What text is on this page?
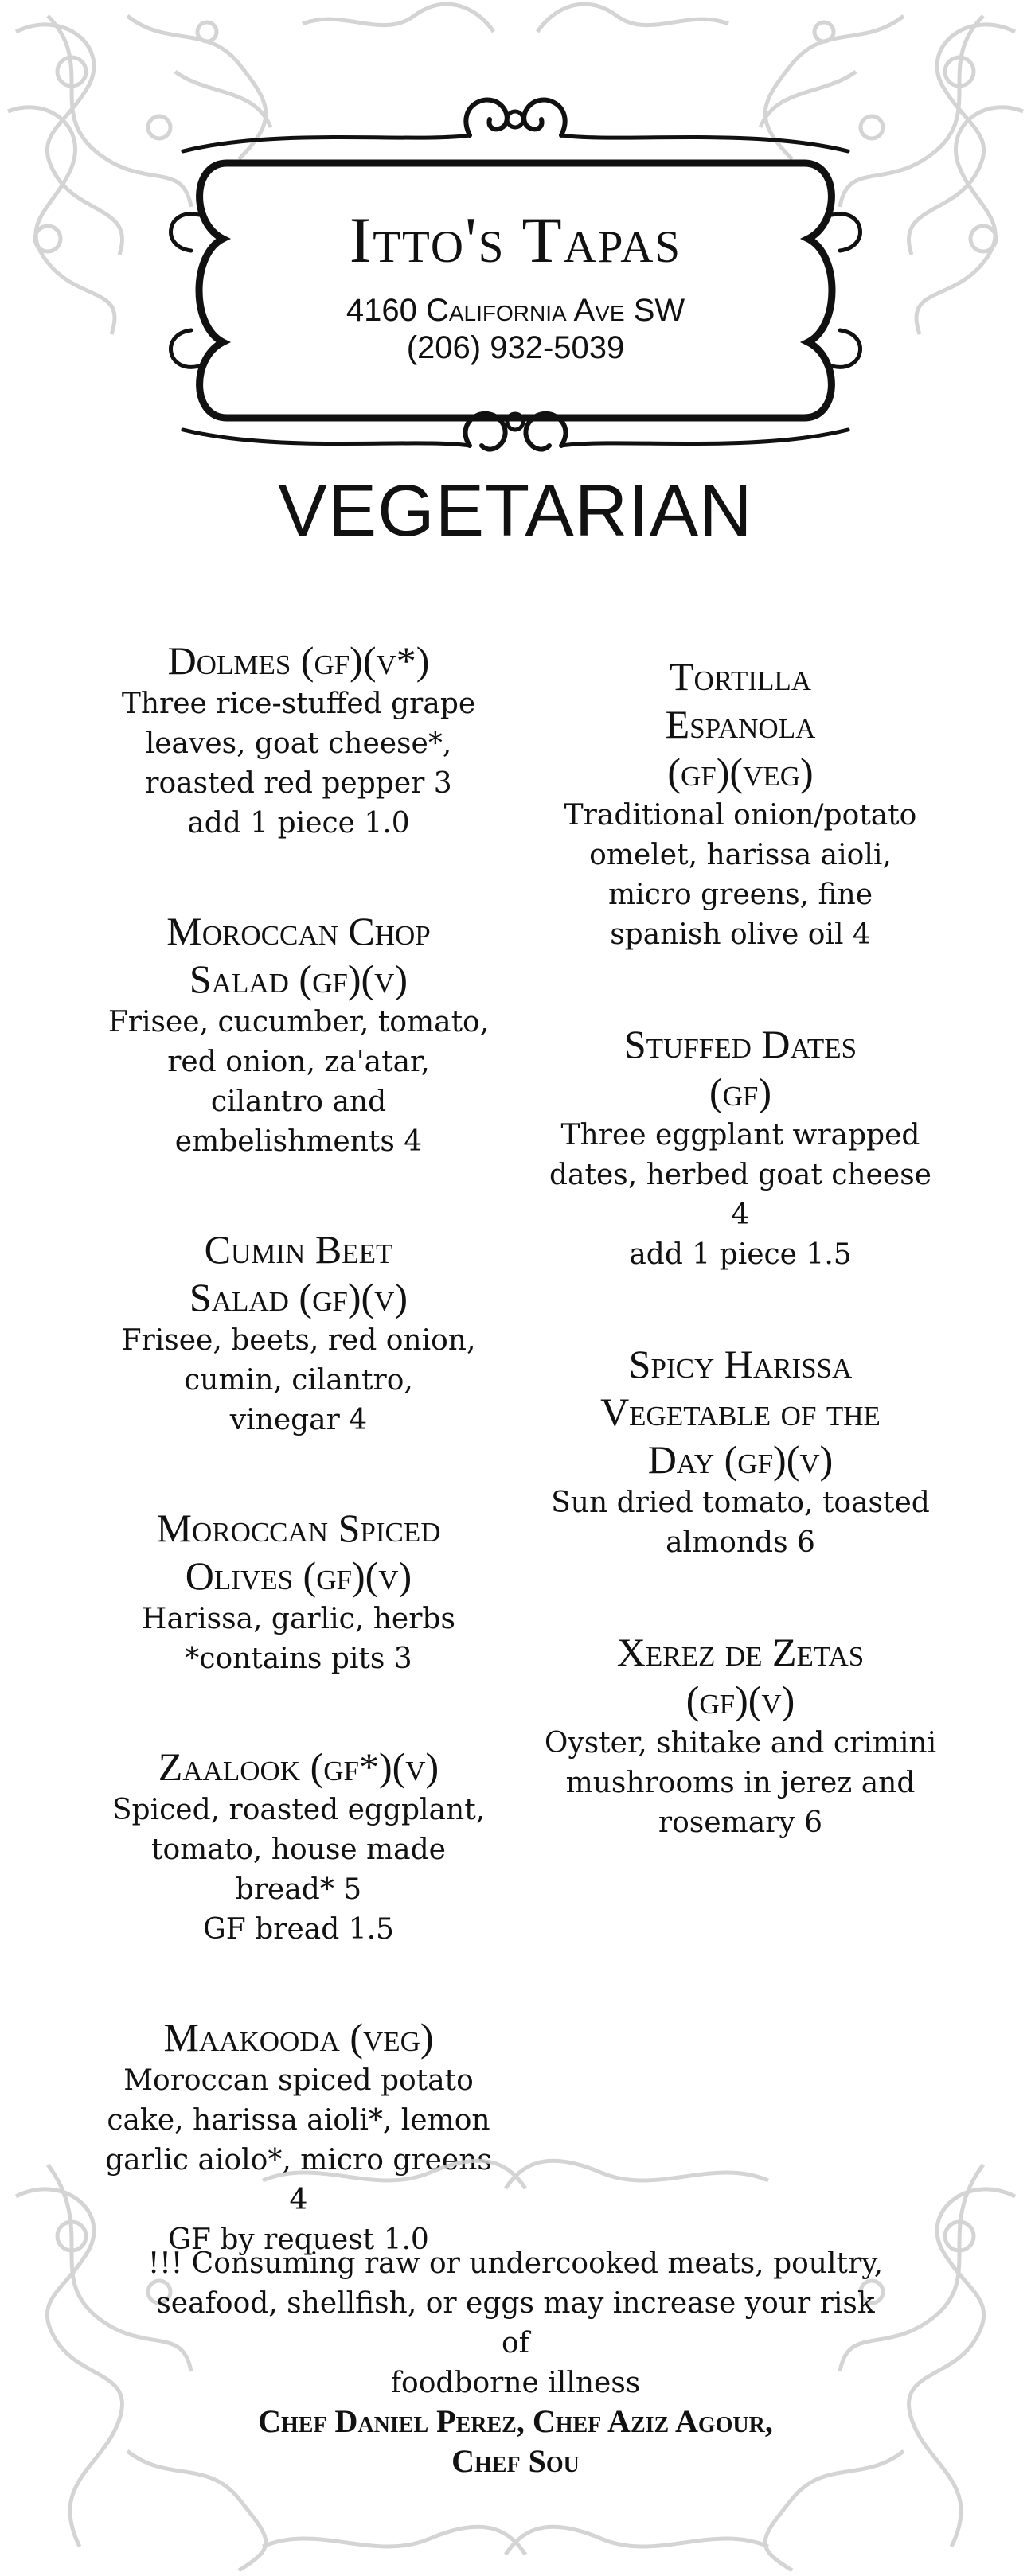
Itto's Tapas
4160 California Ave SW
(206) 932-5039
VEGETARIAN
Dolmes (gf)(v*)
Three rice-stuffed grape
leaves, goat cheese*,
roasted red pepper 3
add 1 piece 1.0
Moroccan Chop
Salad (gf)(v)
Frisee, cucumber, tomato,
red onion, za'atar,
cilantro and
embelishments 4
Cumin Beet
Salad (gf)(v)
Frisee, beets, red onion,
cumin, cilantro,
vinegar 4
Moroccan Spiced
Olives (gf)(v)
Harissa, garlic, herbs
*contains pits 3
Zaalook (gf*)(v)
Spiced, roasted eggplant,
tomato, house made
bread* 5
GF bread 1.5
Maakooda (veg)
Moroccan spiced potato
cake, harissa aioli*, lemon
garlic aiolo*, micro greens
4
GF by request 1.0
Tortilla
Espanola
(gf)(veg)
Traditional onion/potato
omelet, harissa aioli,
micro greens, fine
spanish olive oil 4
Stuffed Dates
(gf)
Three eggplant wrapped
dates, herbed goat cheese
4
add 1 piece 1.5
Spicy Harissa
Vegetable of the
Day (gf)(v)
Sun dried tomato, toasted
almonds 6
Xerez de Zetas
(gf)(v)
Oyster, shitake and crimini
mushrooms in jerez and
rosemary 6
!!! Consuming raw or undercooked meats, poultry,
seafood, shellfish, or eggs may increase your risk of
foodborne illness
Chef Daniel Perez, Chef Aziz Agour,
Chef Sou
